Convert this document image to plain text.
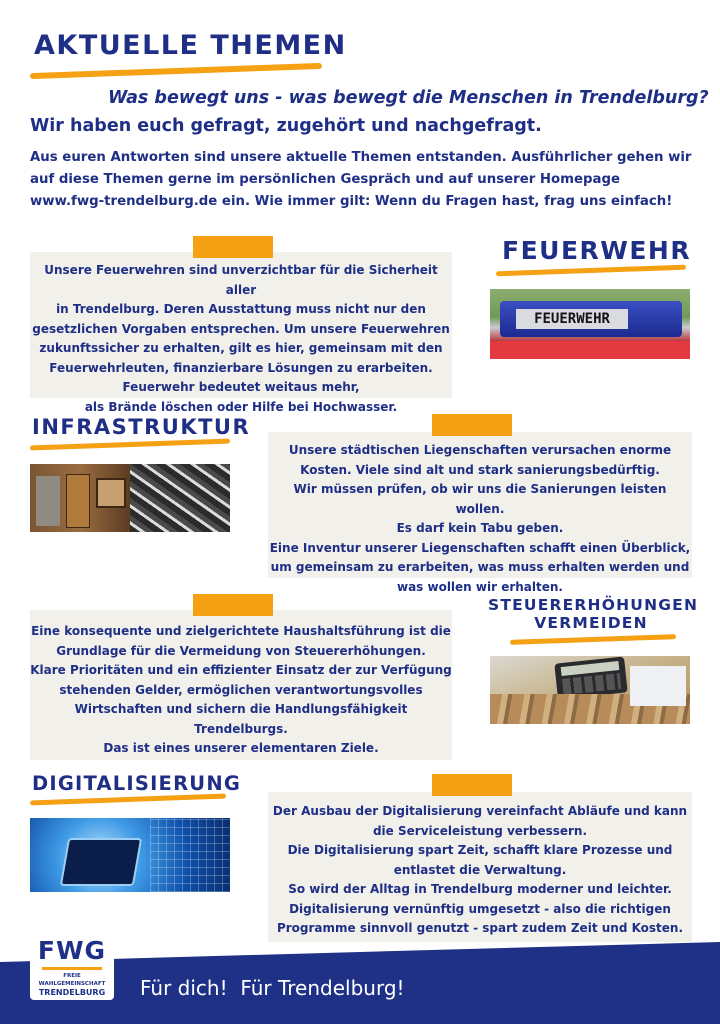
AKTUELLE THEMEN
Was bewegt uns - was bewegt die Menschen in Trendelburg?
Wir haben euch gefragt, zugehört und nachgefragt.
Aus euren Antworten sind unsere aktuelle Themen entstanden. Ausführlicher gehen wir auf diese Themen gerne im persönlichen Gespräch und auf unserer Homepage www.fwg-trendelburg.de ein. Wie immer gilt: Wenn du Fragen hast, frag uns einfach!

Unsere Feuerwehren sind unverzichtbar für die Sicherheit aller

in Trendelburg. Deren Ausstattung muss nicht nur den

gesetzlichen Vorgaben entsprechen. Um unsere Feuerwehren

zukunftssicher zu erhalten, gilt es hier, gemeinsam mit den

Feuerwehrleuten, finanzierbare Lösungen zu erarbeiten.

Feuerwehr bedeutet weitaus mehr,

als Brände löschen oder Hilfe bei Hochwasser.

FEUERWEHR
FEUERWEHR
INFRASTRUKTUR

Unsere städtischen Liegenschaften verursachen enorme

Kosten. Viele sind alt und stark sanierungsbedürftig.

Wir müssen prüfen, ob wir uns die Sanierungen leisten wollen.

Es darf kein Tabu geben.

Eine Inventur unserer Liegenschaften schafft einen Überblick,

um gemeinsam zu erarbeiten, was muss erhalten werden und

was wollen wir erhalten.

Eine konsequente und zielgerichtete Haushaltsführung ist die

Grundlage für die Vermeidung von Steuererhöhungen.

Klare Prioritäten und ein effizienter Einsatz der zur Verfügung

stehenden Gelder, ermöglichen verantwortungsvolles

Wirtschaften und sichern die Handlungsfähigkeit

Trendelburgs.

Das ist eines unserer elementaren Ziele.

STEUERERHÖHUNGEN
VERMEIDEN
DIGITALISIERUNG

Der Ausbau der Digitalisierung vereinfacht Abläufe und kann

die Serviceleistung verbessern.

Die Digitalisierung spart Zeit, schafft klare Prozesse und

entlastet die Verwaltung.

So wird der Alltag in Trendelburg moderner und leichter.

Digitalisierung vernünftig umgesetzt - also die richtigen

Programme sinnvoll genutzt - spart zudem Zeit und Kosten.

FWG
FREIE WAHLGEMEINSCHAFT
TRENDELBURG	Für dich!  Für Trendelburg!
